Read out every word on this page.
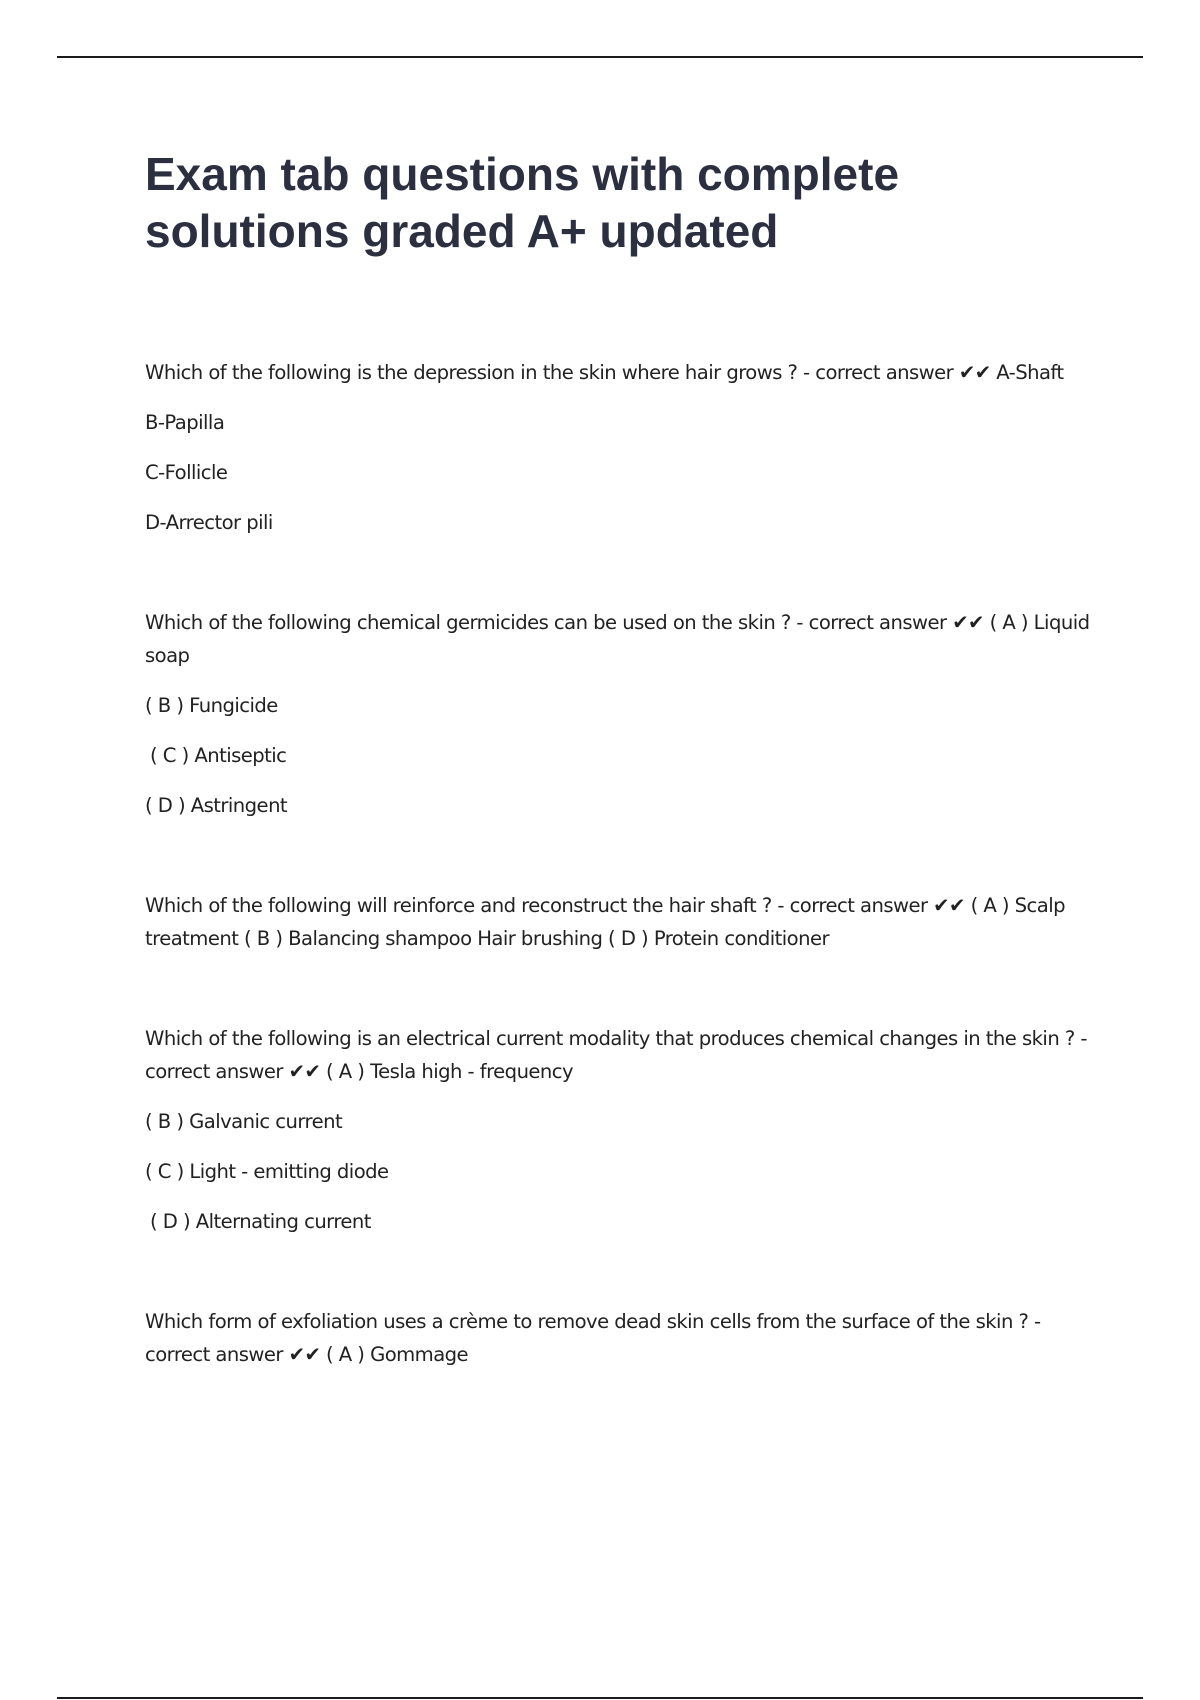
Exam tab questions with complete solutions graded A+ updated

Which of the following is the depression in the skin where hair grows ? - correct answer ✔✔ A-Shaft

B-Papilla

C-Follicle

D-Arrector pili

Which of the following chemical germicides can be used on the skin ? - correct answer ✔✔ ( A ) Liquid soap

( B ) Fungicide

( C ) Antiseptic

( D ) Astringent

Which of the following will reinforce and reconstruct the hair shaft ? - correct answer ✔✔ ( A ) Scalp treatment ( B ) Balancing shampoo Hair brushing ( D ) Protein conditioner

Which of the following is an electrical current modality that produces chemical changes in the skin ? - correct answer ✔✔ ( A ) Tesla high - frequency

( B ) Galvanic current

( C ) Light - emitting diode

( D ) Alternating current

Which form of exfoliation uses a crème to remove dead skin cells from the surface of the skin ? - correct answer ✔✔ ( A ) Gommage
